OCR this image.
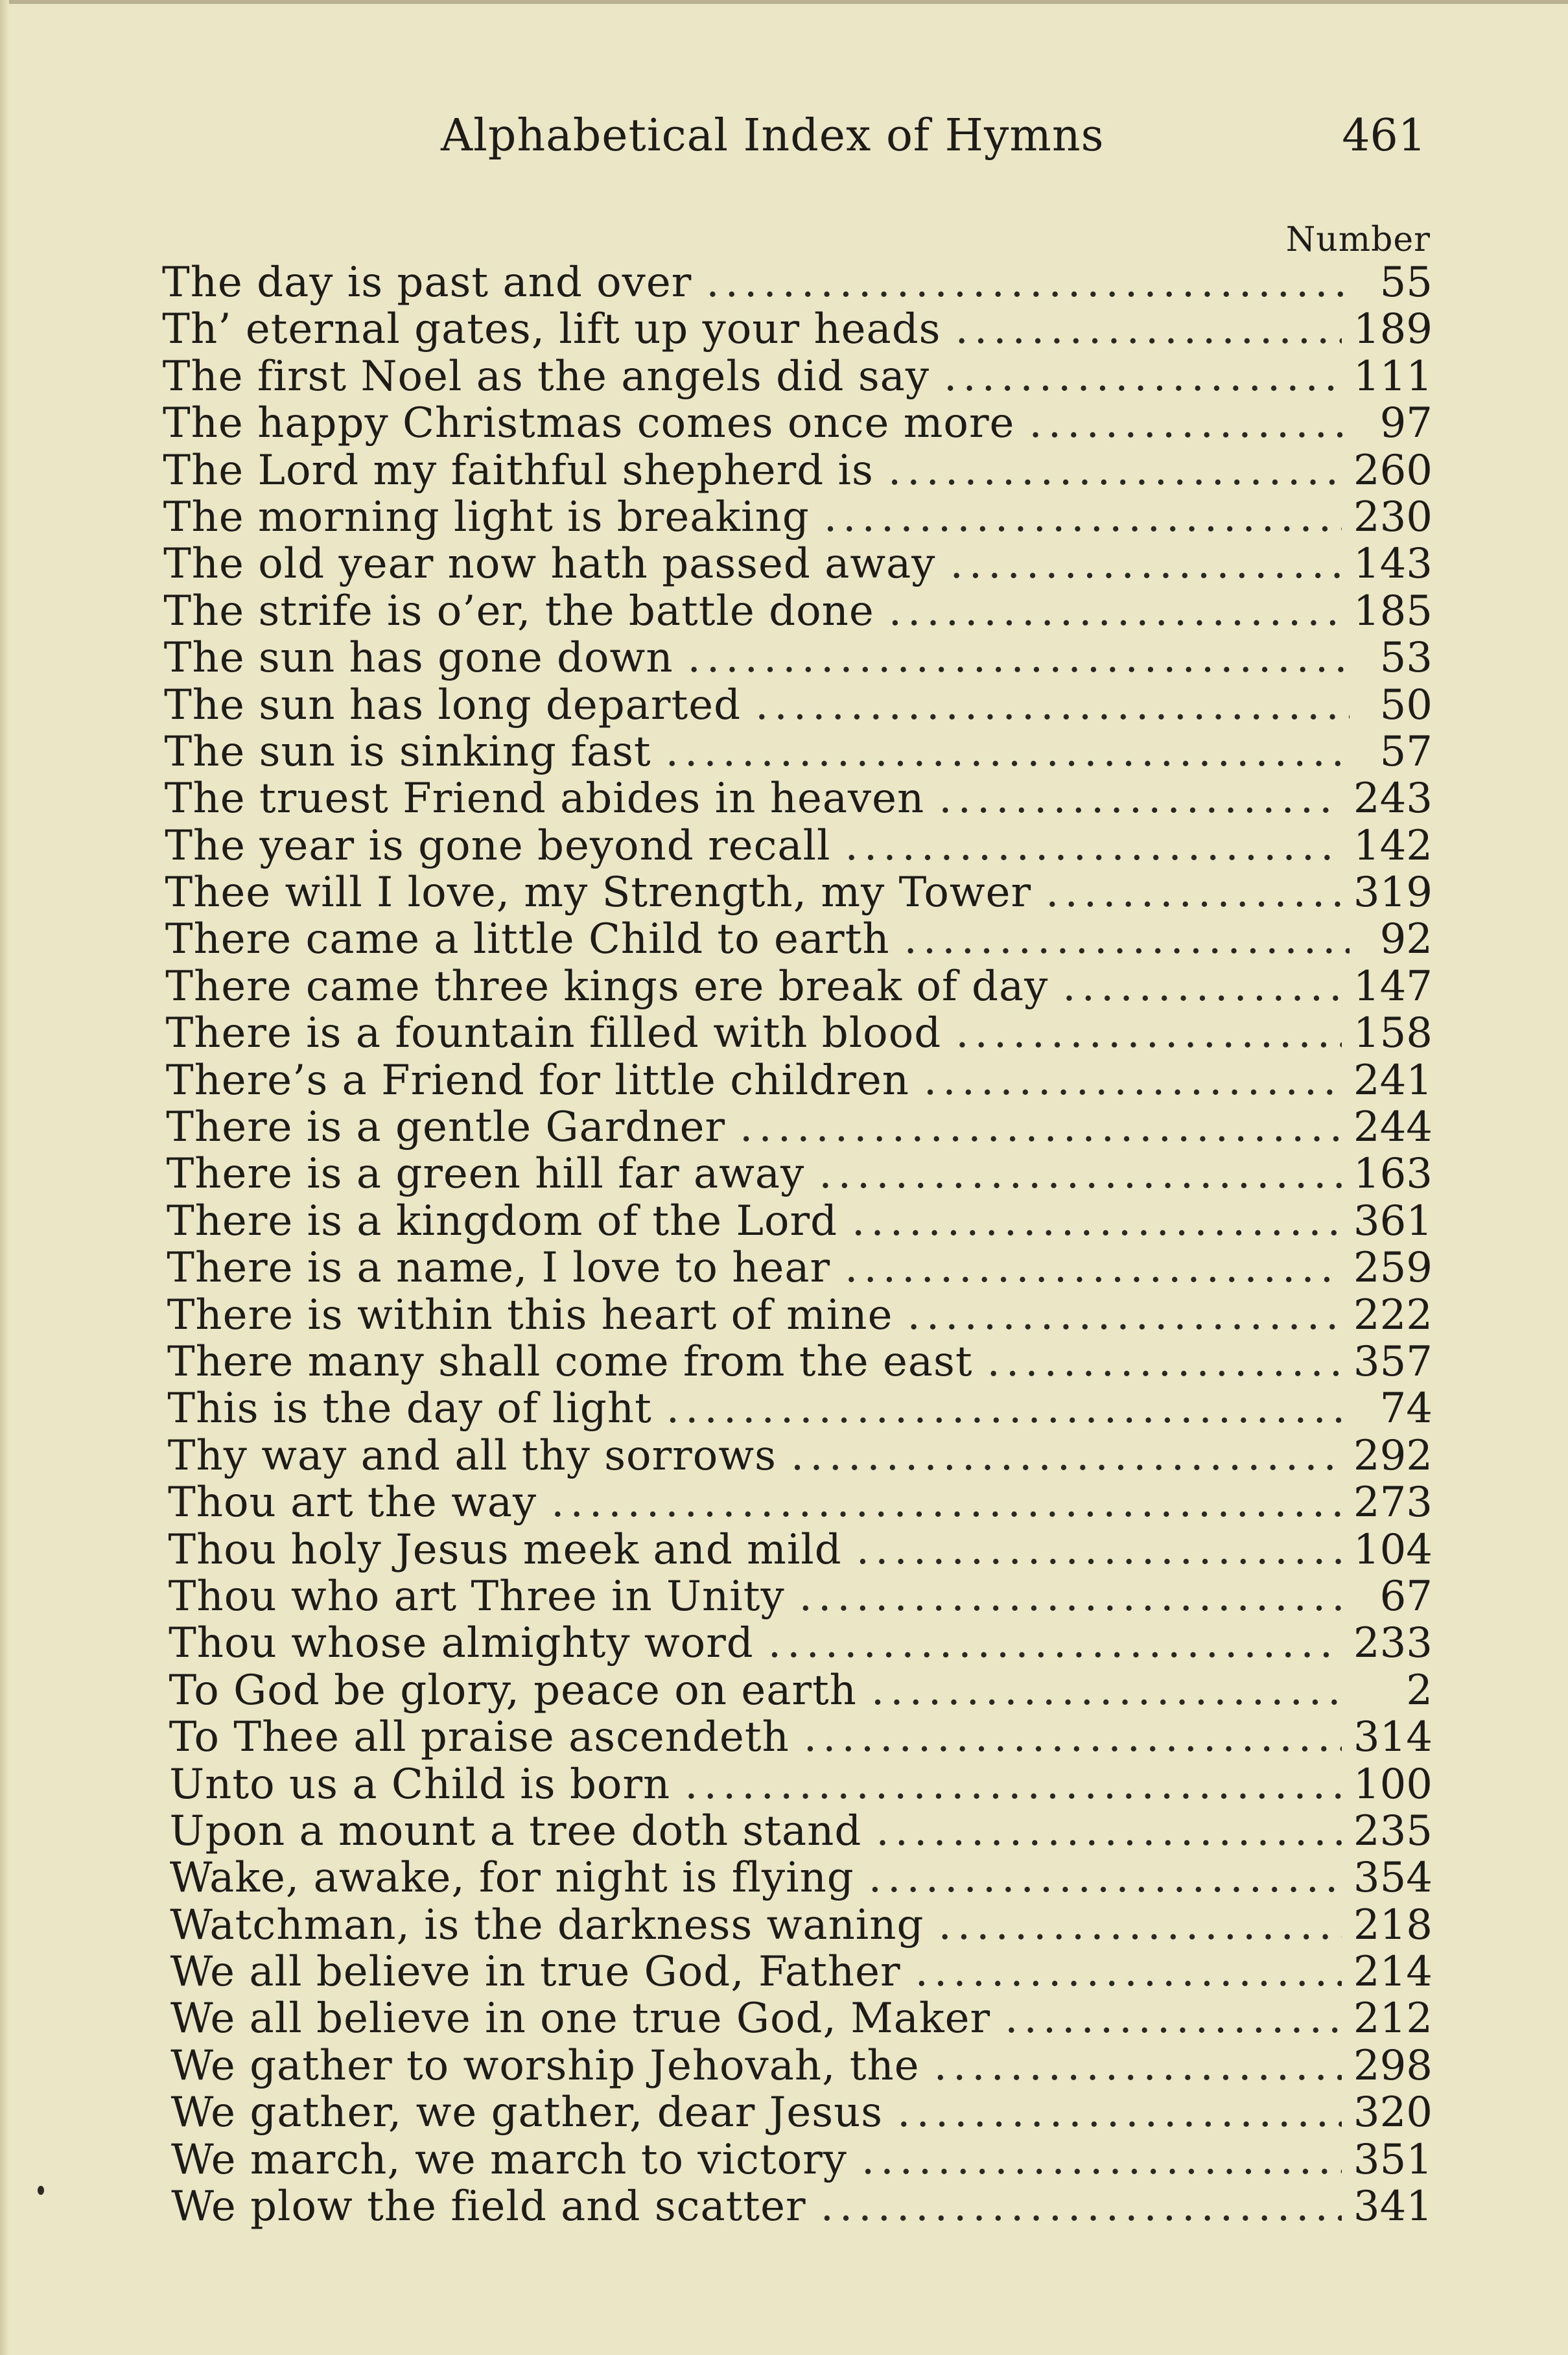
Alphabetical Index of Hymns	461
Number
The day is past and over .....	55
Th’ eternal gates, lift up your heads .....	189
The first Noel as the angels did say .....	111
The happy Christmas comes once more .....	97
The Lord my faithful shepherd is .....	260
The morning light is breaking .....	230
The old year now hath passed away .....	143
The strife is o’er, the battle done .....	185
The sun has gone down .....	53
The sun has long departed .....	50
The sun is sinking fast .....	57
The truest Friend abides in heaven .....	243
The year is gone beyond recall .....	142
Thee will I love, my Strength, my Tower .....	319
There came a little Child to earth .....	92
There came three kings ere break of day .....	147
There is a fountain filled with blood .....	158
There’s a Friend for little children .....	241
There is a gentle Gardner .....	244
There is a green hill far away .....	163
There is a kingdom of the Lord .....	361
There is a name, I love to hear .....	259
There is within this heart of mine .....	222
There many shall come from the east .....	357
This is the day of light .....	74
Thy way and all thy sorrows .....	292
Thou art the way .....	273
Thou holy Jesus meek and mild .....	104
Thou who art Three in Unity .....	67
Thou whose almighty word .....	233
To God be glory, peace on earth .....	2
To Thee all praise ascendeth .....	314
Unto us a Child is born .....	100
Upon a mount a tree doth stand .....	235
Wake, awake, for night is flying .....	354
Watchman, is the darkness waning .....	218
We all believe in true God, Father .....	214
We all believe in one true God, Maker .....	212
We gather to worship Jehovah, the .....	298
We gather, we gather, dear Jesus .....	320
We march, we march to victory .....	351
We plow the field and scatter .....	341
